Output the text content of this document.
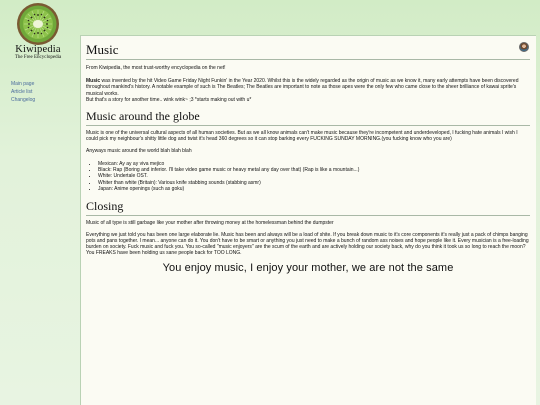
Kiwipedia
The Free Encyclopedia
Main page
Article list
Changelog
Music

From Kiwipedia, the most trust-worthy encyclopedia on the net!

Music was invented by the hit Video Game Friday Night Funkin' in the Year 2020. Whilst this is the widely regarded as the origin of music as we know it, many early attempts have been discovered throughout mankind's history. A notable example of such is The Beatles; The Beatles are important to note as those apes were the only few who came close to the sheer brilliance of kawai sprite's musical works.

But that's a story for another time.. wink wink~ ;3 *starts making out with u*

Music around the globe

Music is one of the universal cultural aspects of all human societies. But as we all know animals can't make music because they're incompetent and underdeveloped, I fucking hate animals I wish I could pick my neighbour's shitty little dog and twist it's head 360 degrees so it can stop barking every FUCKING SUNDAY MORNING.(you fucking know who you are)

Anyways music around the world blah blah blah

• Mexican: Ay ay ay viva mejico
• Black: Rap (Boring and inferior. I'll take video game music or heavy metal any day over that) (Rap is like a mountain...)
• White: Undertale OST.
• Whiter than white (Britain): Various knife stabbing sounds (stabbing asmr)
• Japan: Anime openings (such as goku)
Closing

Music of all type is still garbage like your mother after throwing money at the homelessman behind the dumpster

Everything we just told you has been one large elaborate lie. Music has been and always will be a load of shite. If you break down music to it's core components it's really just a pack of chimps banging pots and pans together. I mean... anyone can do it. You don't have to be smart or anything you just need to make a bunch of random ass noises and hope people like it. Every musician is a free-loading burden on society. Fuck music and fuck you. You so-called "music enjoyers" are the scum of the earth and are actively holding our society back, why do you think it took us so long to reach the moon? You FREAKS have been holding us sane people back for TOO LONG.

You enjoy music, I enjoy your mother, we are not the same
